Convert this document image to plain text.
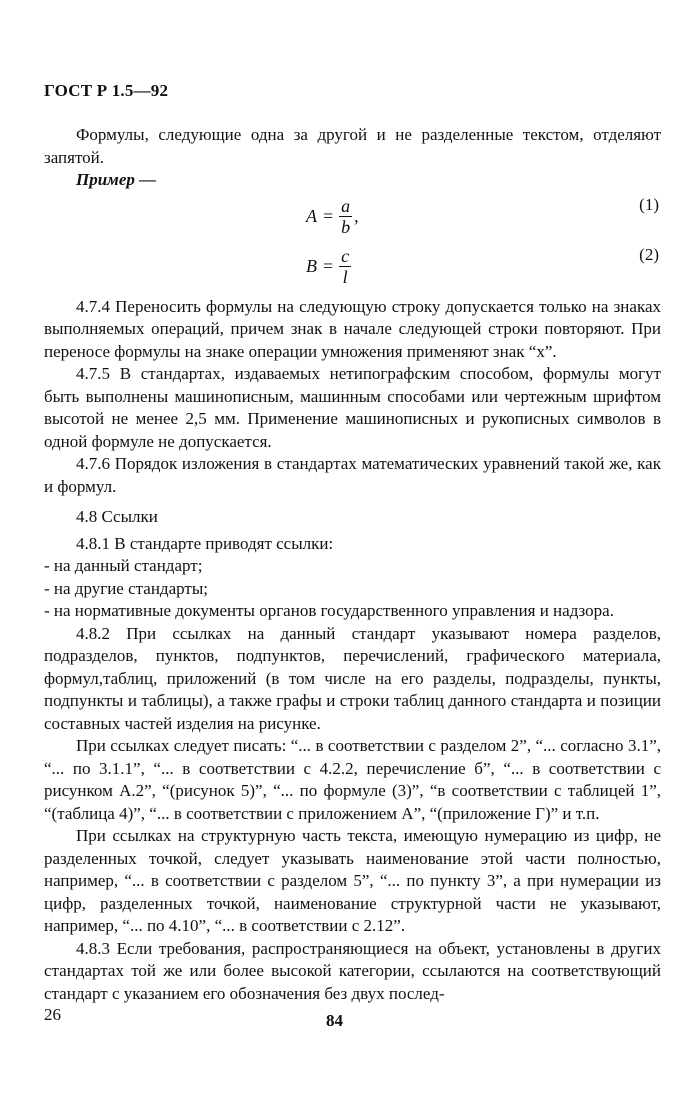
ГОСТ Р 1.5—92

Формулы, следующие одна за другой и не разделенные текстом, отделяют запятой.

Пример —

$A = \frac{a}{b}$ ,
(1)
$B = \frac{c}{l}$	(2)

4.7.4 Переносить формулы на следующую строку допускается только на знаках выполняемых операций, причем знак в начале следующей строки повторяют. При переносе формулы на знаке операции умножения применяют знак “x”.

4.7.5 В стандартах, издаваемых нетипографским способом, формулы могут быть выполнены машинописным, машинным способами или чертежным шрифтом высотой не менее 2,5 мм. Применение машинописных и рукописных символов в одной формуле не допускается.

4.7.6 Порядок изложения в стандартах математических уравнений такой же, как и формул.

4.8 Ссылки

4.8.1 В стандарте приводят ссылки:

- на данный стандарт;

- на другие стандарты;

- на нормативные документы органов государственного управления и надзора.

4.8.2 При ссылках на данный стандарт указывают номера разделов, подразделов, пунктов, подпунктов, перечислений, графического материала, формул,таблиц, приложений (в том числе на его разделы, подразделы, пункты, подпункты и таблицы), а также графы и строки таблиц данного стандарта и позиции составных частей изделия на рисунке.

При ссылках следует писать: “... в соответствии с разделом 2”, “... согласно 3.1”, “... по 3.1.1”, “... в соответствии с 4.2.2, перечисление б”, “... в соответствии с рисунком А.2”, “(рисунок 5)”, “... по формуле (3)”, “в соответствии с таблицей 1”, “(таблица 4)”, “... в соответствии с приложением А”, “(приложение Г)” и т.п.

При ссылках на структурную часть текста, имеющую нумерацию из цифр, не разделенных точкой, следует указывать наименование этой части полностью, например, “... в соответствии с разделом 5”, “... по пункту 3”, а при нумерации из цифр, разделенных точкой, наименование структурной части не указывают, например, “... по 4.10”, “... в соответствии с 2.12”.

4.8.3 Если требования, распространяющиеся на объект, установлены в других стандартах той же или более высокой категории, ссылаются на соответствующий стандарт с указанием его обозначения без двух послед-

26	84
